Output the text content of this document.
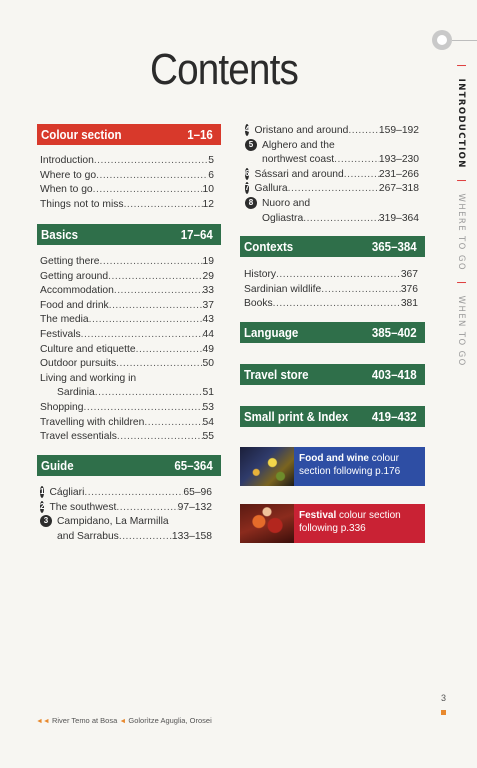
Contents	| INTRODUCTION | WHERE TO GO | WHEN TO GO
Colour section	1–16
Introduction .....	5
Where to go .....	6
When to go .....	10
Things not to miss .....	12
Basics	17–64
Getting there .....	19
Getting around .....	29
Accommodation .....	33
Food and drink .....	37
The media .....	43
Festivals .....	44
Culture and etiquette .....	49
Outdoor pursuits .....	50
Living and working in
Sardinia .....	51
Shopping .....	53
Travelling with children .....	54
Travel essentials .....	55
Guide	65–364
1 Cágliari .....	65–96
2 The southwest .....	97–132
3 Campidano, La Marmilla
and Sarrabus .....	133–158
4 Oristano and around .....	159–192
5 Alghero and the
northwest coast .....	193–230
6 Sássari and around .....	231–266
7 Gallura .....	267–318
8 Nuoro and
Ogliastra .....	319–364
Contexts	365–384
History .....	367
Sardinian wildlife .....	376
Books .....	381
Language	385–402
Travel store	403–418
Small print & Index 419–432
Food and wine colour section following p.176
Festival colour section following p.336
3
◄◄ River Temo at Bosa ◄ Golorìtze Aguglia, Orosei
